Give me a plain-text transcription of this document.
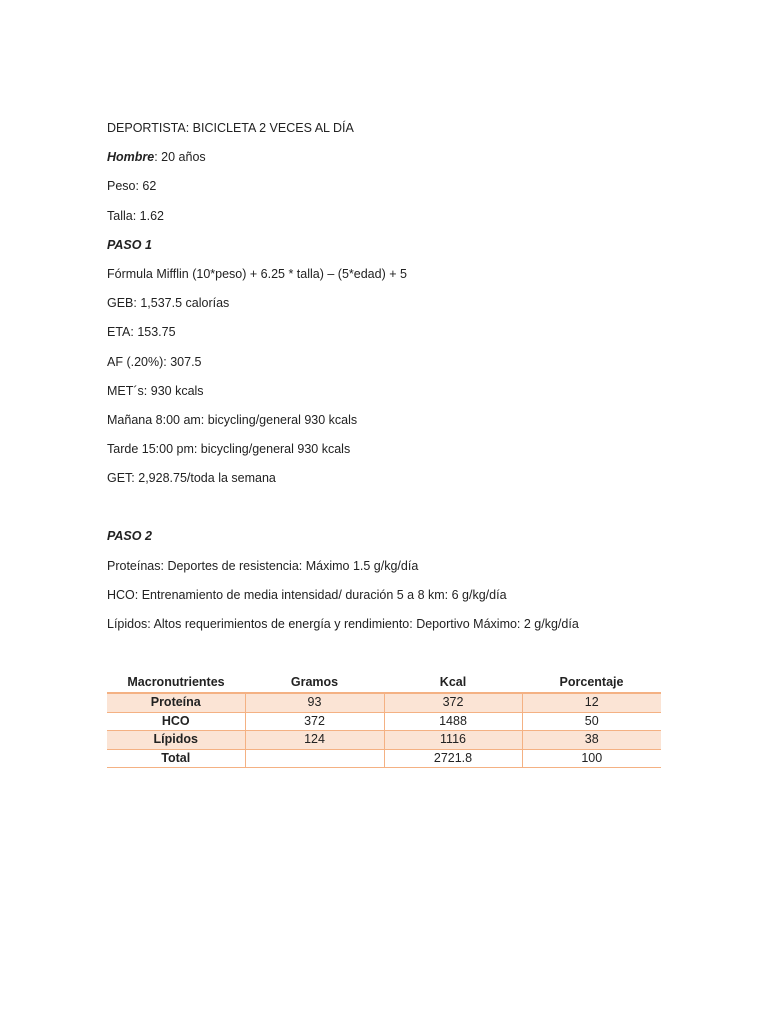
DEPORTISTA: BICICLETA 2 VECES AL DÍA
Hombre: 20 años
Peso: 62
Talla: 1.62
PASO 1
Fórmula Mifflin (10*peso) + 6.25 * talla) – (5*edad) + 5
GEB: 1,537.5 calorías
ETA: 153.75
AF (.20%): 307.5
MET´s: 930 kcals
Mañana 8:00 am: bicycling/general 930 kcals
Tarde 15:00 pm: bicycling/general 930 kcals
GET: 2,928.75/toda la semana
PASO 2
Proteínas: Deportes de resistencia: Máximo 1.5 g/kg/día
HCO: Entrenamiento de media intensidad/ duración 5 a 8 km: 6 g/kg/día
Lípidos: Altos requerimientos de energía y rendimiento: Deportivo Máximo: 2 g/kg/día
Macronutrientes	Gramos	Kcal	Porcentaje
Proteína	93	372	12
HCO	372	1488	50
Lípidos	124	1116	38
Total		2721.8	100
